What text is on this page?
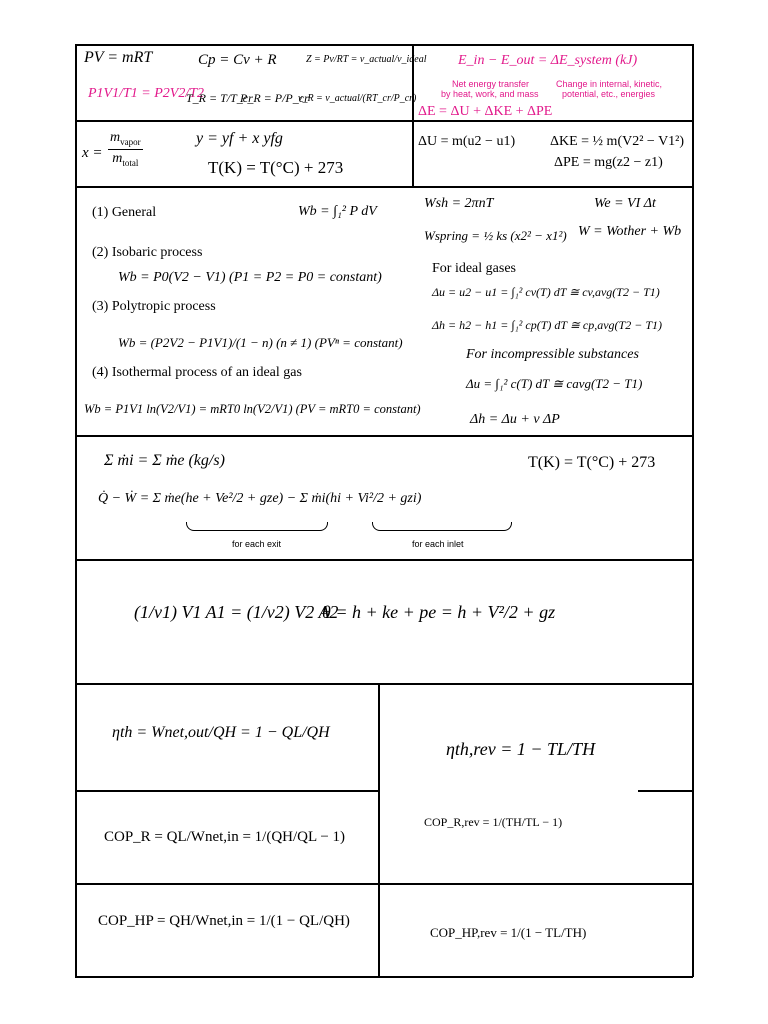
PV = mRT	Cp = Cv + R	Z = Pv/RT = v_actual/v_ideal
P1V1/T1 = P2V2/T2
T_R = T/T_cr
P_R = P/P_cr
v_R = v_actual/(RT_cr/P_cr)
E_in − E_out = ΔE_system (kJ)
Net energy transfer
by heat, work, and mass
Change in internal, kinetic,
potential, etc., energies
ΔE = ΔU + ΔKE + ΔPE
$m_{vapor}$
$m_{total}$
x = m_vapor/m_total
x =
y = yf + x yfg
T(K) = T(°C) + 273
ΔU = m(u2 − u1) ΔKE = ½ m(V2² − V1²)
ΔPE = mg(z2 − z1)
(1) General	Wb = ∫₁² P dV
Wsh = 2πnT	We = VI Δt
Wspring = ½ ks (x2² − x1²) W = Wother + Wb
(2) Isobaric process
Wb = P0(V2 − V1) (P1 = P2 = P0 = constant)
For ideal gases
Δu = u2 − u1 = ∫₁² cv(T) dT ≅ cv,avg(T2 − T1)
(3) Polytropic process
Δh = h2 − h1 = ∫₁² cp(T) dT ≅ cp,avg(T2 − T1)
Wb = (P2V2 − P1V1)/(1 − n) (n ≠ 1) (PVⁿ = constant)
For incompressible substances
(4) Isothermal process of an ideal gas
Δu = ∫₁² c(T) dT ≅ cavg(T2 − T1)
Wb = P1V1 ln(V2/V1) = mRT0 ln(V2/V1) (PV = mRT0 = constant)
Δh = Δu + v ΔP
Σ ṁi = Σ ṁe (kg/s)	T(K) = T(°C) + 273
Q̇ − Ẇ = Σ ṁe(he + Ve²/2 + gze) − Σ ṁi(hi + Vi²/2 + gzi)
for each exit	for each inlet
(1/v1) V1 A1 = (1/v2) V2 A2
θ = h + ke + pe = h + V²/2 + gz
ηth = Wnet,out/QH = 1 − QL/QH
ηth,rev = 1 − TL/TH
COP_R = QL/Wnet,in = 1/(QH/QL − 1)
COP_R,rev = 1/(TH/TL − 1)
COP_HP = QH/Wnet,in = 1/(1 − QL/QH)
COP_HP,rev = 1/(1 − TL/TH)
